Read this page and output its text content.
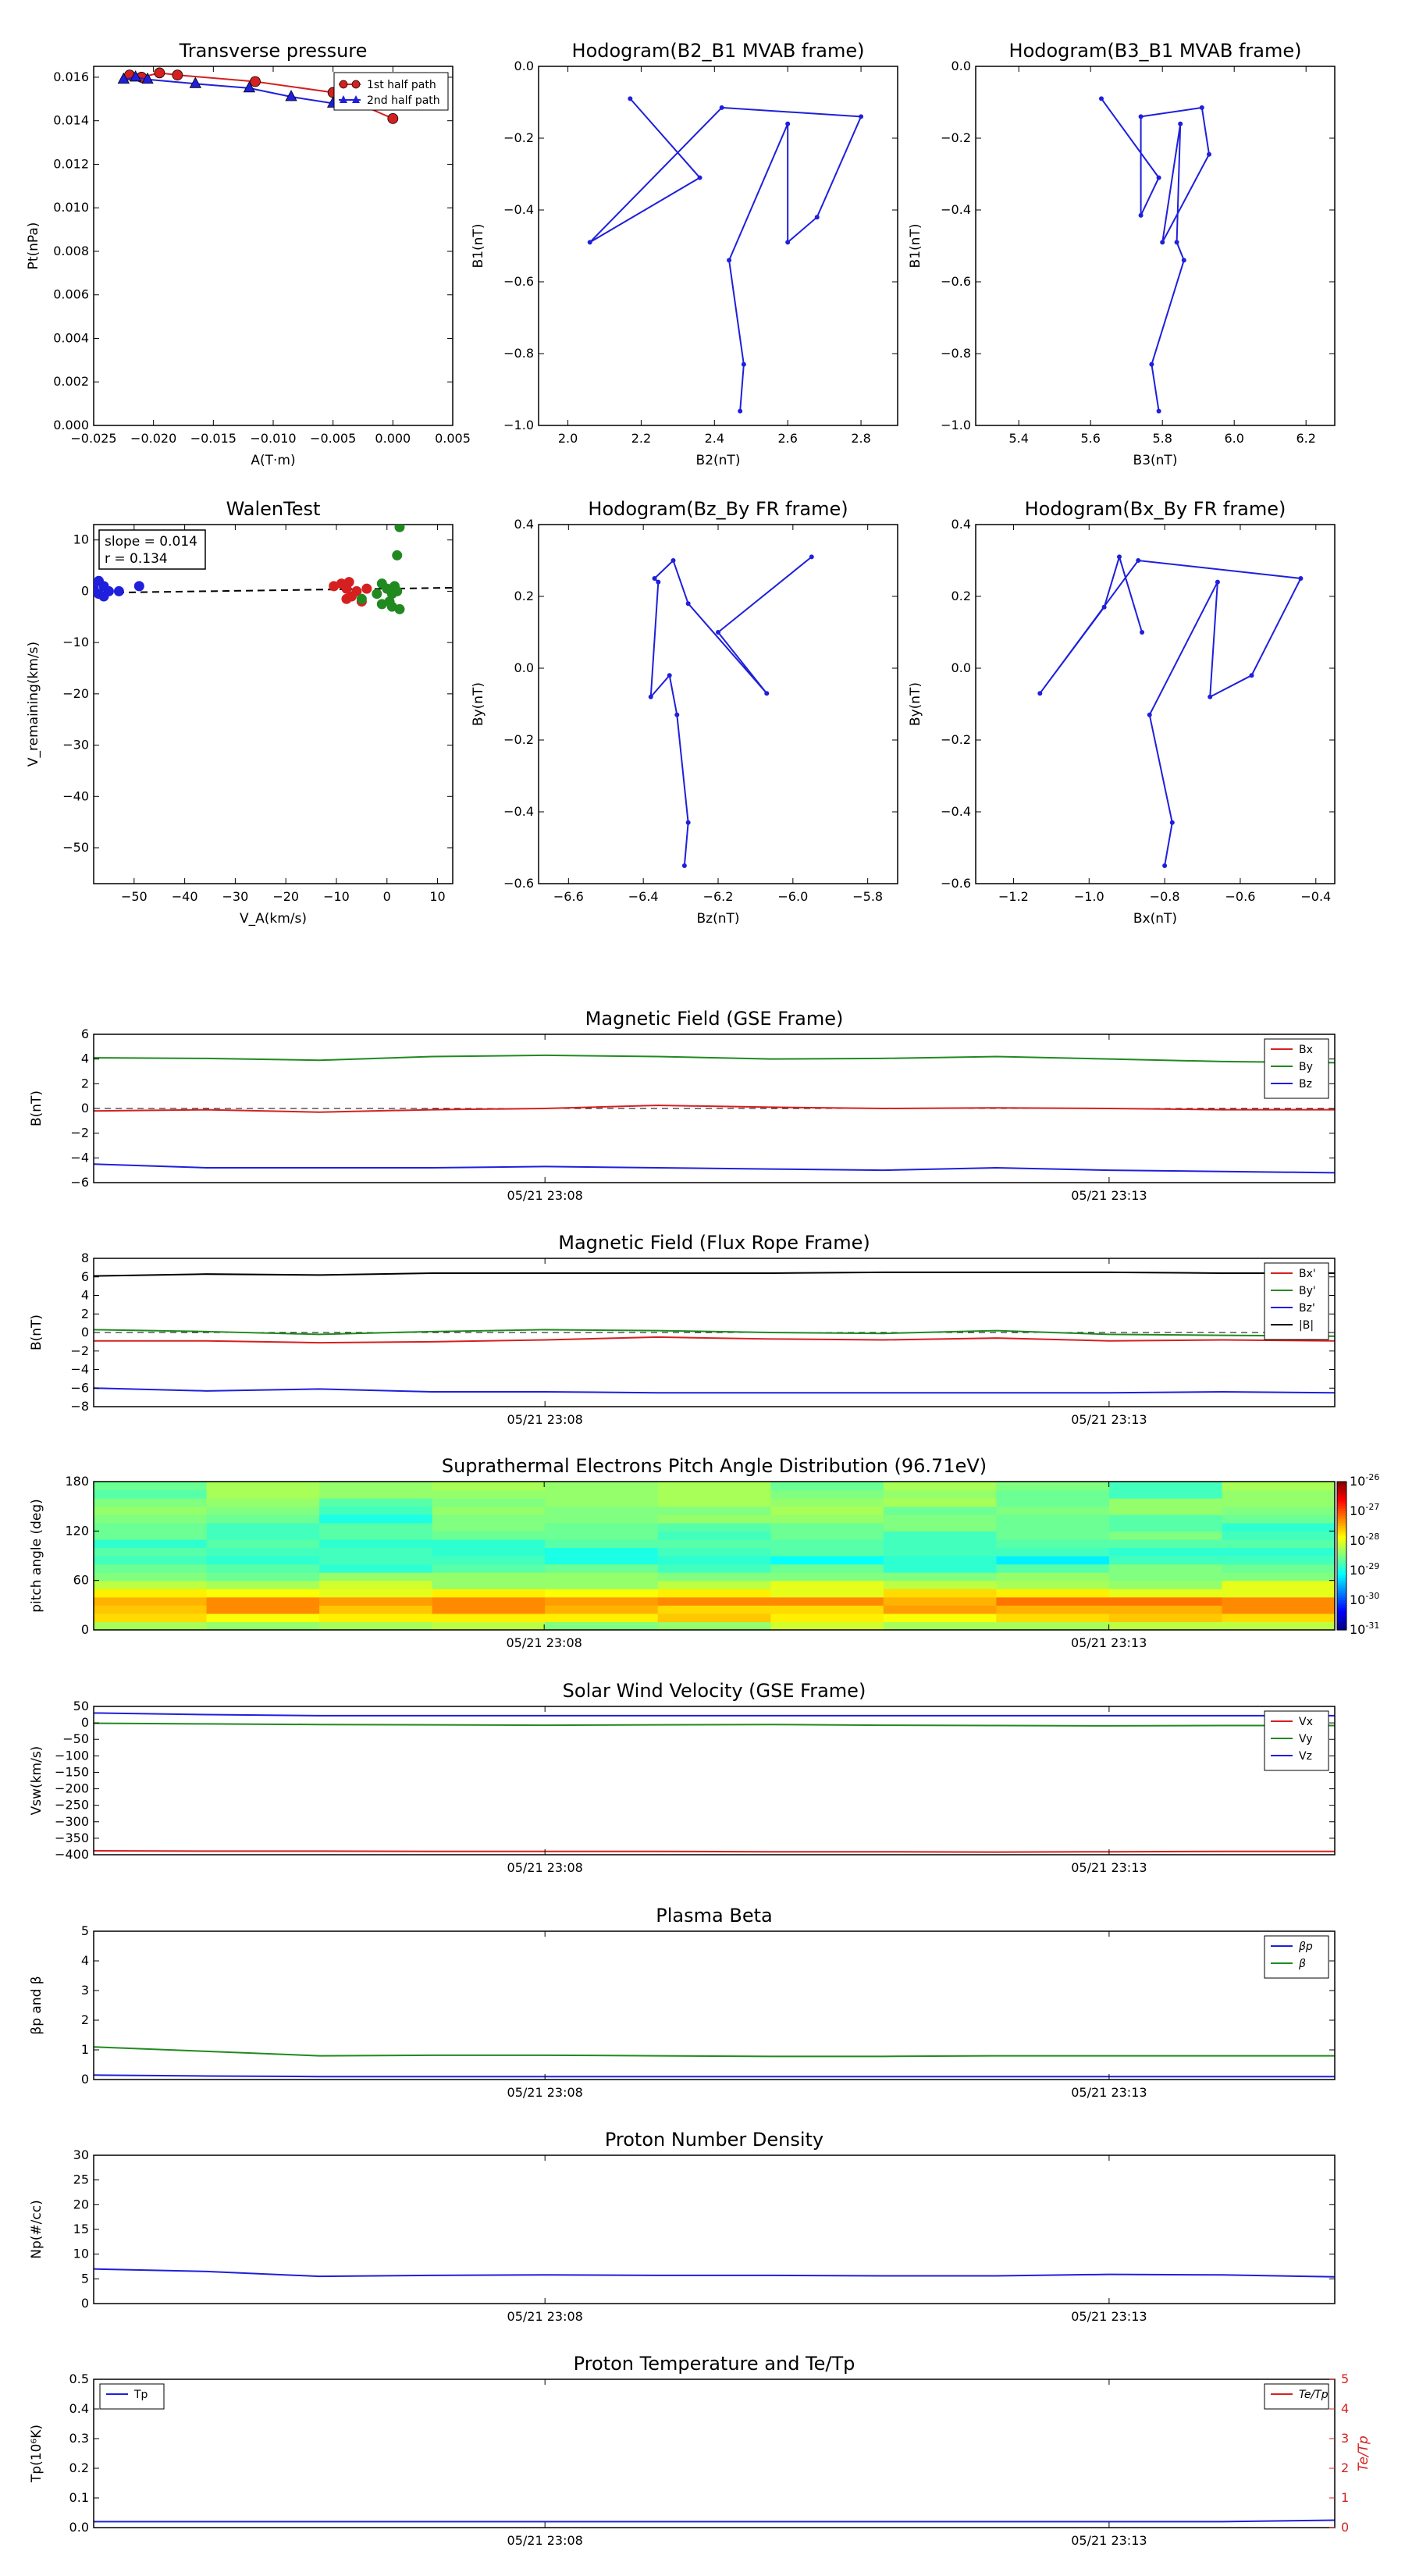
Transverse pressure
−0.025 −0.020 −0.015 −0.010 −0.005 0.000 0.005
0.000
0.002
0.004
0.006
0.008
0.010
0.012
0.014
0.016
A(T·m)
Pt(nPa)
1st half path
2nd half path
Hodogram(B2_B1 MVAB frame)
2.0	2.2	2.4	2.6	2.8
−1.0
−0.8
−0.6
−0.4
−0.2
0.0
B2(nT)
B1(nT)
Hodogram(B3_B1 MVAB frame)
5.4	5.6	5.8	6.0	6.2
−1.0
−0.8
−0.6
−0.4
−0.2
0.0
B3(nT)
B1(nT)
WalenTest
−50 −40 −30 −20 −10	0	10
−50
−40
−30
−20
−10
0
10
V_A(km/s)
V_remaining(km/s)
slope = 0.014
r = 0.134
Hodogram(Bz_By FR frame)
−6.6	−6.4	−6.2	−6.0	−5.8
−0.6
−0.4
−0.2
0.0
0.2
0.4
Bz(nT)
By(nT)
Hodogram(Bx_By FR frame)
−1.2	−1.0	−0.8	−0.6	−0.4
−0.6
−0.4
−0.2
0.0
0.2
0.4
Bx(nT)
By(nT)
Magnetic Field (GSE Frame)
−6
−4
−2
0
2
4
6
B(nT)
05/21 23:08	05/21 23:13
Bx
By
Bz
Magnetic Field (Flux Rope Frame)
−8
−6
−4
−2
0
2
4
6
8
B(nT)
05/21 23:08	05/21 23:13
Bx'
By'
Bz'
|B|
Suprathermal Electrons Pitch Angle Distribution (96.71eV)
$10^{-26}$
$10^{-27}$
$10^{-28}$
$10^{-29}$
$10^{-30}$
$10^{-31}$
0
60
120
180
pitch angle (deg)
05/21 23:08	05/21 23:13
Solar Wind Velocity (GSE Frame)
−400
−350
−300
−250
−200
−150
−100
−50
0
50
Vsw(km/s)
05/21 23:08	05/21 23:13
Vx
Vy
Vz
Plasma Beta
0
1
2
3
4
5
βp and β
05/21 23:08	05/21 23:13
βp
β
Proton Number Density
0
5
10
15
20
25
30
Np(#/cc)
05/21 23:08	05/21 23:13
Proton Temperature and Te/Tp
0.0
0.1
0.2
0.3
0.4
0.5
Tp(10⁶K)
0
1
2
3
4
5
Te/Tp
05/21 23:08	05/21 23:13
Tp	Te/Tp
